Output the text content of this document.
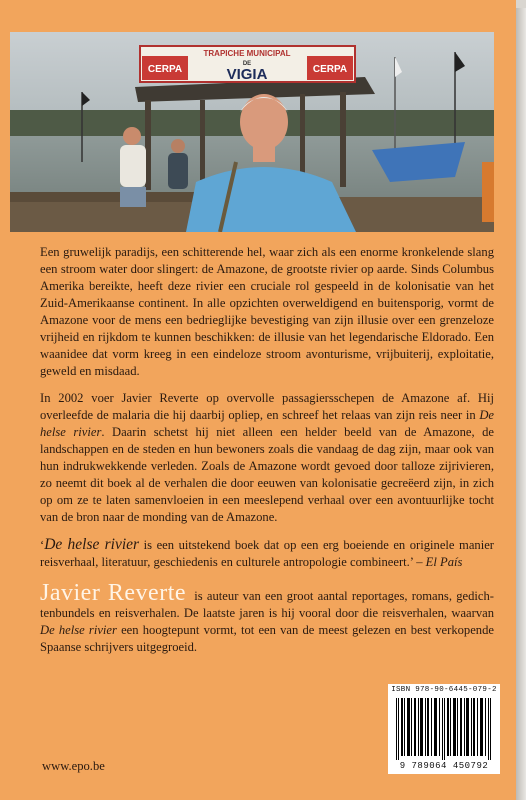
TRAPICHE MUNICIPAL
CERPA	CERPA
DE
VIGIA

Een gruwelijk paradijs, een schitterende hel, waar zich als een enorme kronkelende slang een stroom water door slingert: de Amazone, de grootste rivier op aarde. Sinds Columbus Amerika bereikte, heeft deze rivier een cruciale rol gespeeld in de kolonisatie van het Zuid-Amerikaanse continent. In alle opzichten overweldigend en buitensporig, vormt de Amazone voor de mens een bedrieglijke bevestiging van zijn illusie over een grenzeloze vrijheid en rijkdom te kunnen beschikken: de illusie van het legendarische Eldorado. Een waanidee dat vorm kreeg in een eindeloze stroom avonturisme, vrijbuiterij, exploitatie, geweld en misdaad.

In 2002 voer Javier Reverte op overvolle passagiersschepen de Amazone af. Hij overleefde de malaria die hij daarbij opliep, en schreef het relaas van zijn reis neer in De helse rivier. Daarin schetst hij niet alleen een helder beeld van de Amazone, de landschappen en de steden en hun bewoners zoals die vandaag de dag zijn, maar ook van hun indrukwekkende verleden. Zoals de Amazone wordt gevoed door talloze zijrivieren, zo neemt dit boek al de verhalen die door eeuwen van kolonisatie gecreëerd zijn, in zich op om ze te laten samenvloeien in een meeslepend verhaal over een avontuurlijke tocht van de bron naar de monding van de Amazone.

‘De helse rivier is een uitstekend boek dat op een erg boeiende en originele manier reisverhaal, literatuur, geschiedenis en culturele antropologie combineert.’ – El País

Javier Reverte is auteur van een groot aantal reportages, romans, gedichtenbundels en reisverhalen. De laatste jaren is hij vooral door die reisverhalen, waarvan De helse rivier een hoogtepunt vormt, tot een van de meest gelezen en best verkopende Spaanse schrijvers uitgegroeid.

www.epo.be
ISBN 978-90-6445-079-2
9 789064 450792
